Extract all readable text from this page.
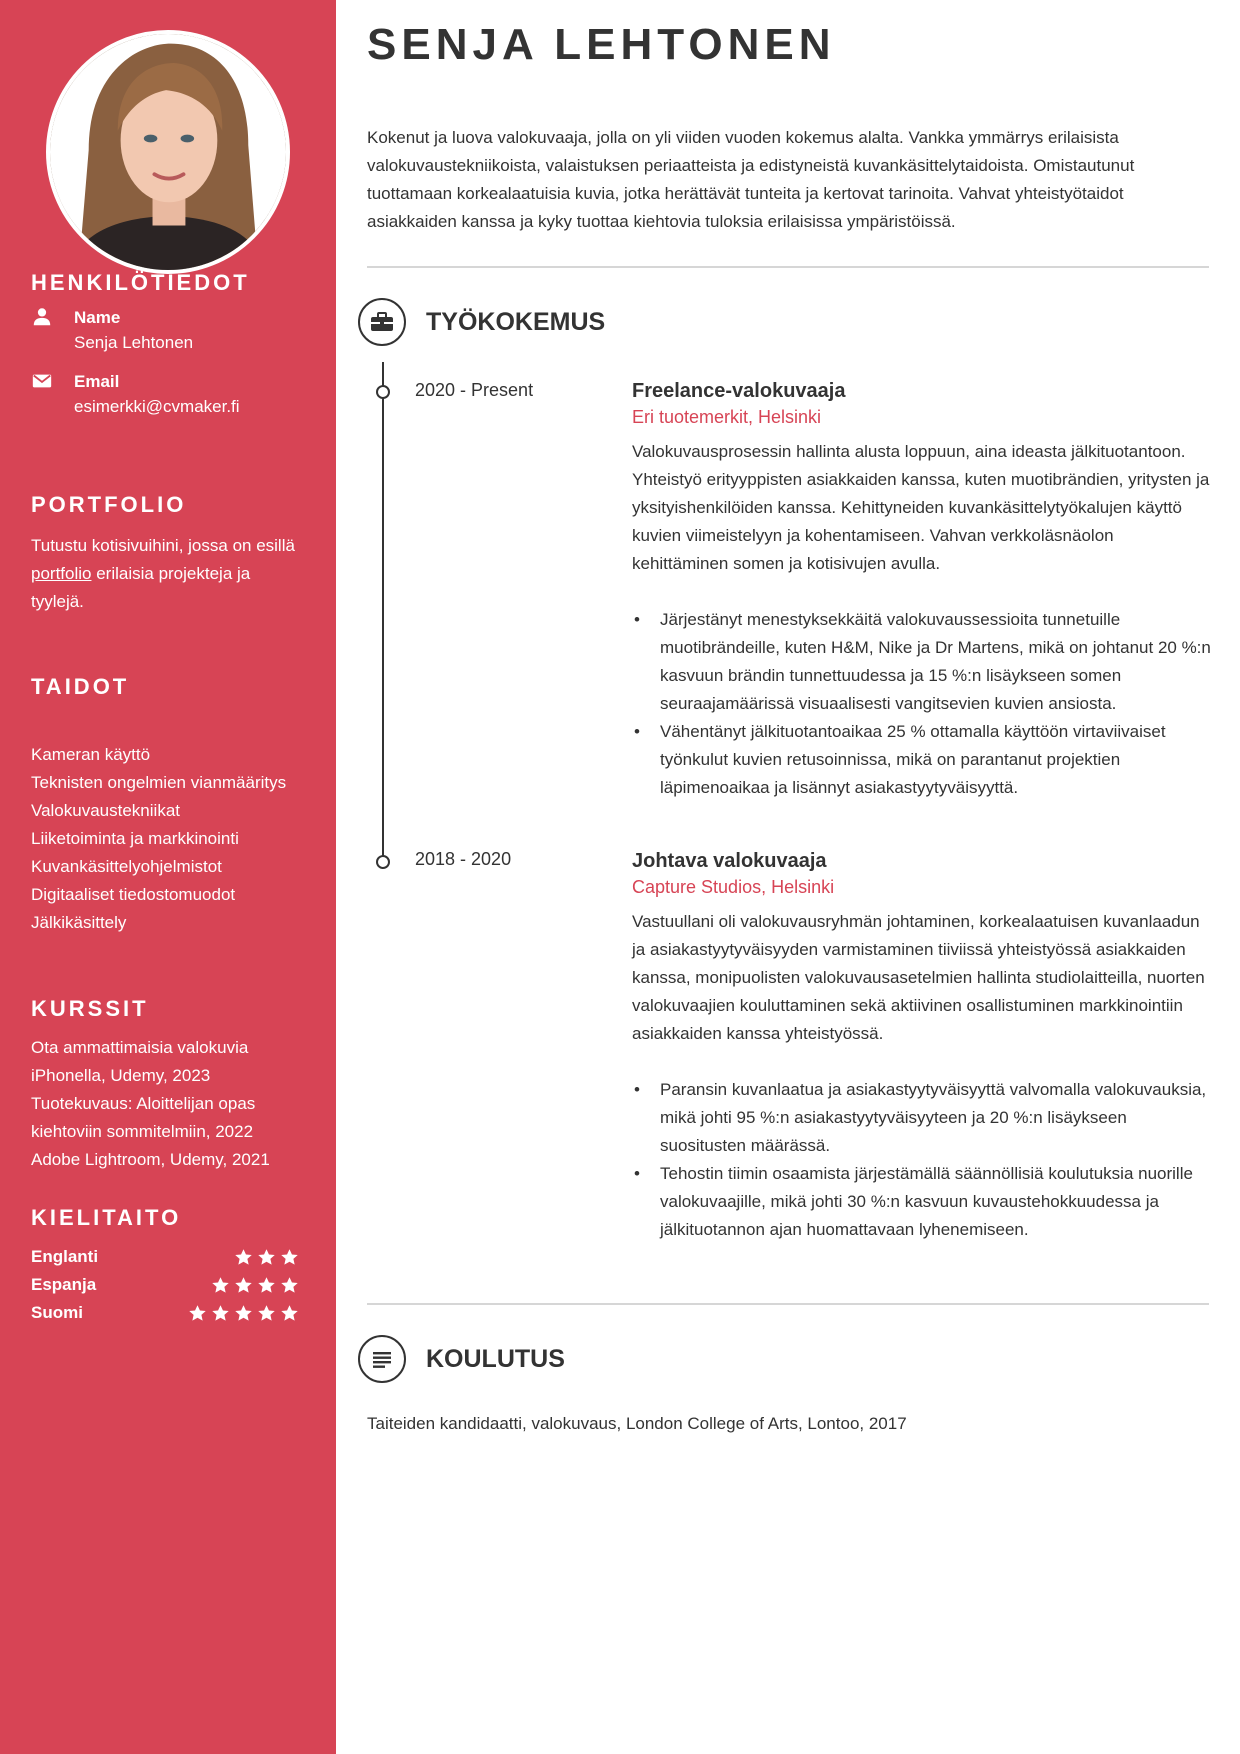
HENKILÖTIEDOT
Name
Senja Lehtonen
Email
esimerkki@cvmaker.fi
PORTFOLIO
Tutustu kotisivuihini, jossa on esillä portfolio erilaisia projekteja ja tyylejä.
TAIDOT
Kameran käyttö
Teknisten ongelmien vianmääritys
Valokuvaustekniikat
Liiketoiminta ja markkinointi
Kuvankäsittelyohjelmistot
Digitaaliset tiedostomuodot
Jälkikäsittely
KURSSIT
Ota ammattimaisia valokuvia iPhonella, Udemy, 2023
Tuotekuvaus: Aloittelijan opas kiehtoviin sommitelmiin, 2022
Adobe Lightroom, Udemy, 2021
KIELITAITO
Englanti
Espanja
Suomi
SENJA LEHTONEN

Kokenut ja luova valokuvaaja, jolla on yli viiden vuoden kokemus alalta. Vankka ymmärrys erilaisista valokuvaustekniikoista, valaistuksen periaatteista ja edistyneistä kuvankäsittelytaidoista. Omistautunut tuottamaan korkealaatuisia kuvia, jotka herättävät tunteita ja kertovat tarinoita. Vahvat yhteistyötaidot asiakkaiden kanssa ja kyky tuottaa kiehtovia tuloksia erilaisissa ympäristöissä.

TYÖKOKEMUS
2020 - Present	Freelance-valokuvaaja
Eri tuotemerkit, Helsinki
Valokuvausprosessin hallinta alusta loppuun, aina ideasta jälkituotantoon. Yhteistyö erityyppisten asiakkaiden kanssa, kuten muotibrändien, yritysten ja yksityishenkilöiden kanssa. Kehittyneiden kuvankäsittelytyökalujen käyttö kuvien viimeistelyyn ja kohentamiseen. Vahvan verkkoläsnäolon kehittäminen somen ja kotisivujen avulla.
• Järjestänyt menestyksekkäitä valokuvaussessioita tunnetuille muotibrändeille, kuten H&M, Nike ja Dr Martens, mikä on johtanut 20 %:n kasvuun brändin tunnettuudessa ja 15 %:n lisäykseen somen seuraajamäärissä visuaalisesti vangitsevien kuvien ansiosta.
• Vähentänyt jälkituotantoaikaa 25 % ottamalla käyttöön virtaviivaiset työnkulut kuvien retusoinnissa, mikä on parantanut projektien läpimenoaikaa ja lisännyt asiakastyytyväisyyttä.
2018 - 2020	Johtava valokuvaaja
Capture Studios, Helsinki
Vastuullani oli valokuvausryhmän johtaminen, korkealaatuisen kuvanlaadun ja asiakastyytyväisyyden varmistaminen tiiviissä yhteistyössä asiakkaiden kanssa, monipuolisten valokuvausasetelmien hallinta studiolaitteilla, nuorten valokuvaajien kouluttaminen sekä aktiivinen osallistuminen markkinointiin asiakkaiden kanssa yhteistyössä.
• Paransin kuvanlaatua ja asiakastyytyväisyyttä valvomalla valokuvauksia, mikä johti 95 %:n asiakastyytyväisyyteen ja 20 %:n lisäykseen suositusten määrässä.
• Tehostin tiimin osaamista järjestämällä säännöllisiä koulutuksia nuorille valokuvaajille, mikä johti 30 %:n kasvuun kuvaustehokkuudessa ja jälkituotannon ajan huomattavaan lyhenemiseen.
KOULUTUS

Taiteiden kandidaatti, valokuvaus, London College of Arts, Lontoo, 2017
